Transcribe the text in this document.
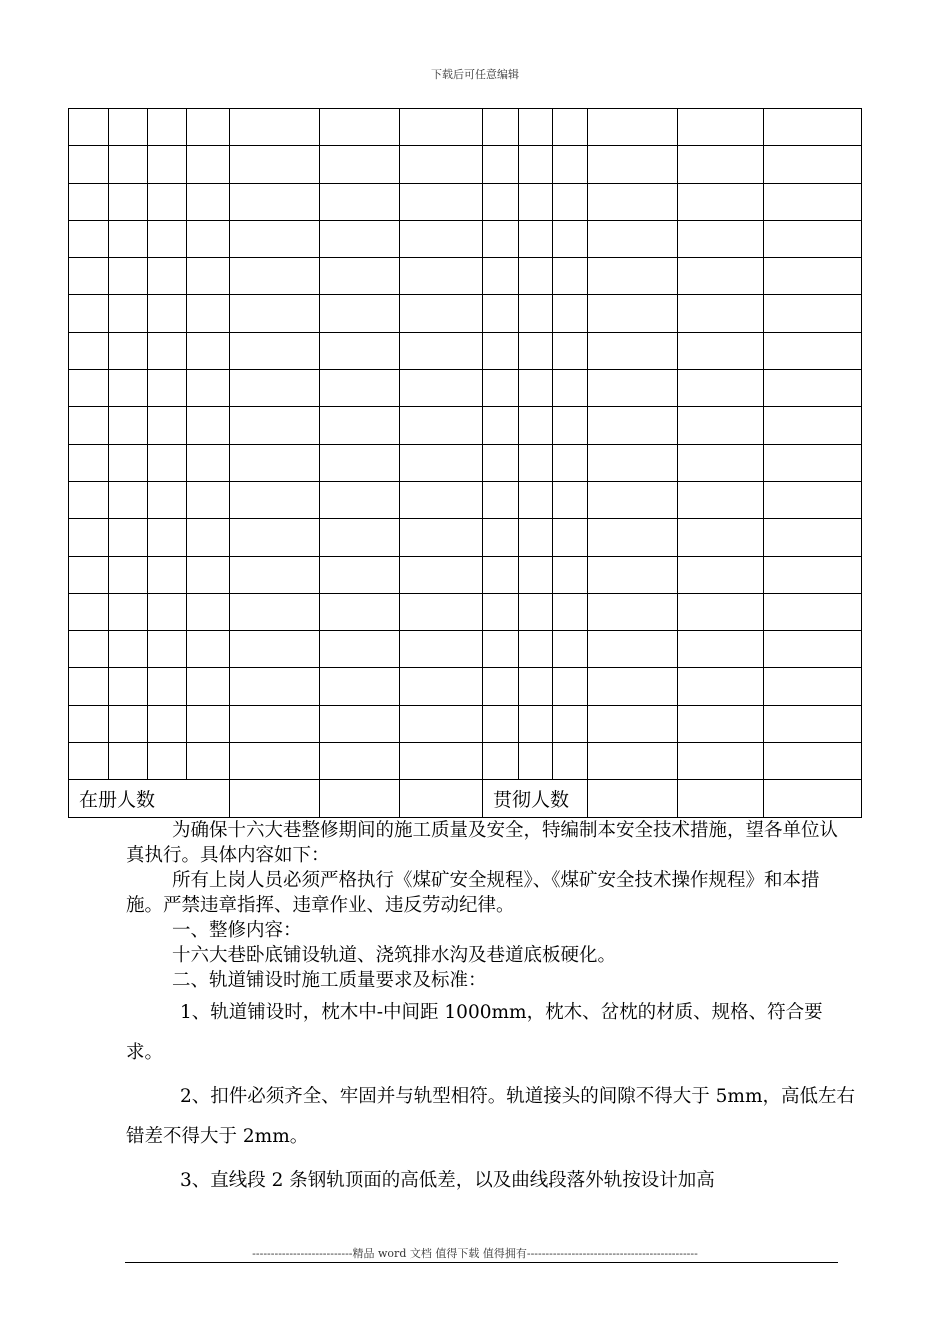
下载后可任意编辑

在册人数							贯彻人数					

为确保十六大巷整修期间的施工质量及安全，特编制本安全技术措施，望各单位认真执行。具体内容如下：

所有上岗人员必须严格执行《煤矿安全规程》、《煤矿安全技术操作规程》和本措施。严禁违章指挥、违章作业、违反劳动纪律。

一、整修内容：

十六大巷卧底铺设轨道、浇筑排水沟及巷道底板硬化。

二、轨道铺设时施工质量要求及标准：

1、轨道铺设时，枕木中-中间距 1000mm，枕木、岔枕的材质、规格、符合要求。

2、扣件必须齐全、牢固并与轨型相符。轨道接头的间隙不得大于 5mm，高低左右错差不得大于 2mm。

3、直线段 2 条钢轨顶面的高低差，以及曲线段落外轨按设计加高

---------------------------精品 word 文档 值得下载 值得拥有----------------------------------------------
